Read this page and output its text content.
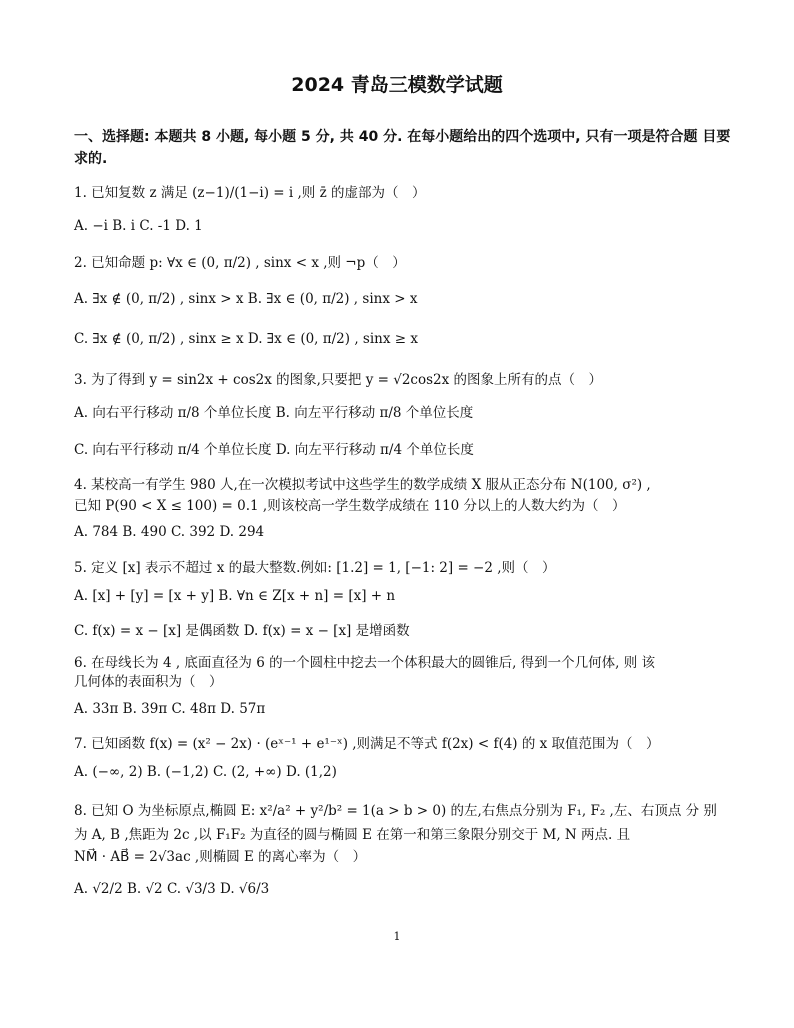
2024 青岛三模数学试题
一、选择题: 本题共 8 小题, 每小题 5 分, 共 40 分. 在每小题给出的四个选项中, 只有一项是符合题 目要求的.
1. 已知复数 z 满足 (z−1)/(1−i) = i ,则 z̄ 的虚部为（　）
A. −i B. i C. -1 D. 1
2. 已知命题 p: ∀x ∈ (0, π/2) , sinx < x ,则 ¬p（　）
A. ∃x ∉ (0, π/2) , sinx > x B. ∃x ∈ (0, π/2) , sinx > x
C. ∃x ∉ (0, π/2) , sinx ≥ x D. ∃x ∈ (0, π/2) , sinx ≥ x
3. 为了得到 y = sin2x + cos2x 的图象,只要把 y = √2cos2x 的图象上所有的点（　）
A. 向右平行移动 π/8 个单位长度 B. 向左平行移动 π/8 个单位长度
C. 向右平行移动 π/4 个单位长度 D. 向左平行移动 π/4 个单位长度
4. 某校高一有学生 980 人,在一次模拟考试中这些学生的数学成绩 X 服从正态分布 N(100, σ²) ,
已知 P(90 < X ≤ 100) = 0.1 ,则该校高一学生数学成绩在 110 分以上的人数大约为（　）
A. 784 B. 490 C. 392 D. 294
5. 定义 [x] 表示不超过 x 的最大整数.例如: [1.2] = 1, [−1: 2] = −2 ,则（　）
A. [x] + [y] = [x + y] B. ∀n ∈ Z[x + n] = [x] + n
C. f(x) = x − [x] 是偶函数 D. f(x) = x − [x] 是增函数
6. 在母线长为 4 , 底面直径为 6 的一个圆柱中挖去一个体积最大的圆锥后, 得到一个几何体, 则 该
几何体的表面积为（　）
A. 33π B. 39π C. 48π D. 57π
7. 已知函数 f(x) = (x² − 2x) · (eˣ⁻¹ + e¹⁻ˣ) ,则满足不等式 f(2x) < f(4) 的 x 取值范围为（　）
A. (−∞, 2) B. (−1,2) C. (2, +∞) D. (1,2)
8. 已知 O 为坐标原点,椭圆 E: x²/a² + y²/b² = 1(a > b > 0) 的左,右焦点分别为 F₁, F₂ ,左、右顶点 分 别
为 A, B ,焦距为 2c ,以 F₁F₂ 为直径的圆与椭圆 E 在第一和第三象限分别交于 M, N 两点. 且
NM⃗ · AB⃗ = 2√3ac ,则椭圆 E 的离心率为（　）
A. √2/2 B. √2 C. √3/3 D. √6/3
1
